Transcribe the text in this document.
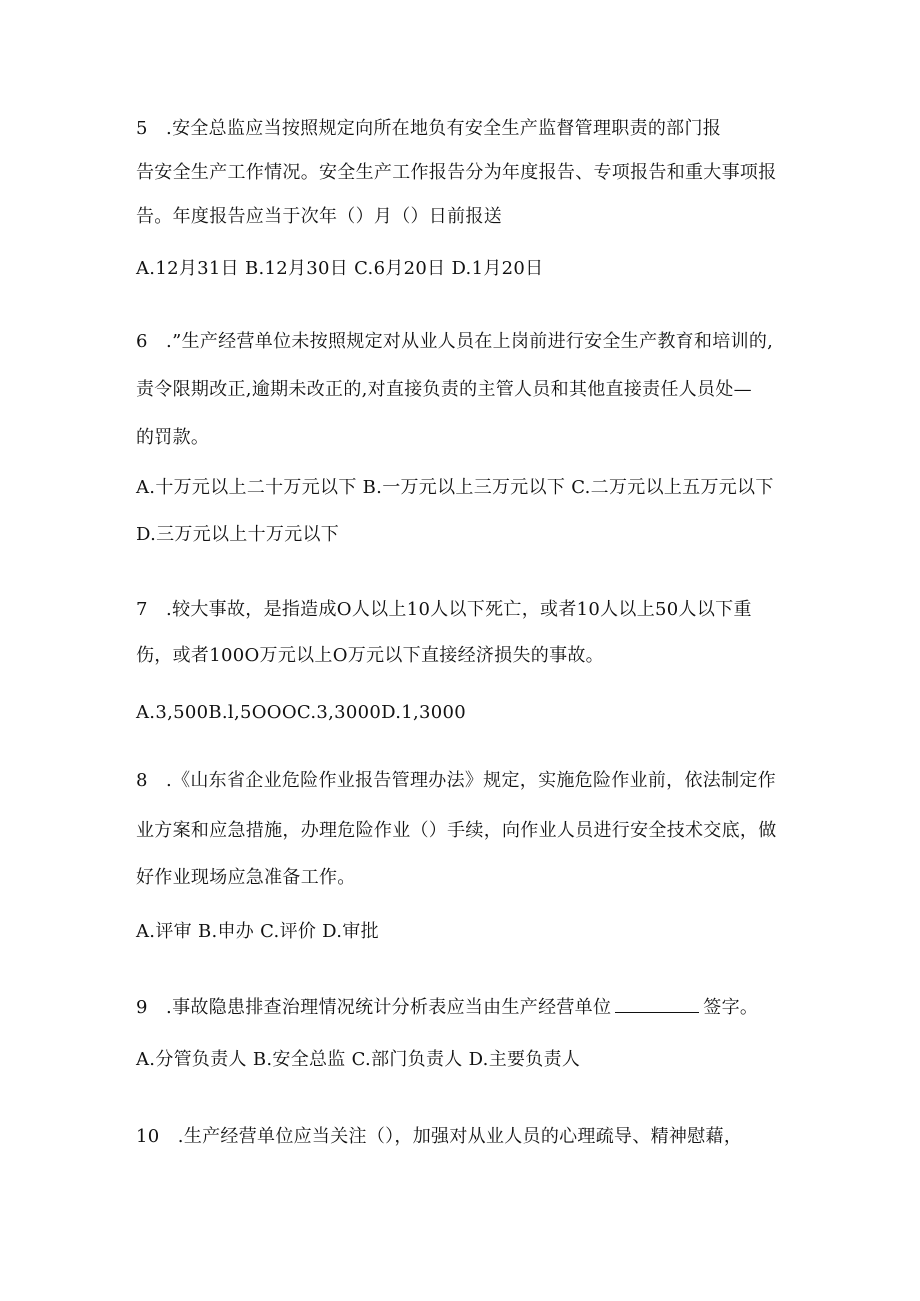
5　.安全总监应当按照规定向所在地负有安全生产监督管理职责的部门报
告安全生产工作情况。安全生产工作报告分为年度报告、专项报告和重大事项报
告。年度报告应当于次年（）月（）日前报送
A.12月31日 B.12月30日 C.6月20日 D.1月20日
6　.”生产经营单位未按照规定对从业人员在上岗前进行安全生产教育和培训的,
责令限期改正,逾期未改正的,对直接负责的主管人员和其他直接责任人员处—
的罚款。
A.十万元以上二十万元以下 B.一万元以上三万元以下 C.二万元以上五万元以下
D.三万元以上十万元以下
7　.较大事故，是指造成O人以上10人以下死亡，或者10人以上50人以下重
伤，或者100O万元以上O万元以下直接经济损失的事故。
A.3,500B.l,5OOOC.3,3000D.1,3000
8　.《山东省企业危险作业报告管理办法》规定，实施危险作业前，依法制定作
业方案和应急措施，办理危险作业（）手续，向作业人员进行安全技术交底，做
好作业现场应急准备工作。
A.评审 B.申办 C.评价 D.审批
9　.事故隐患排查治理情况统计分析表应当由生产经营单位	签字。
A.分管负责人 B.安全总监 C.部门负责人 D.主要负责人
10　.生产经营单位应当关注（），加强对从业人员的心理疏导、精神慰藉，
